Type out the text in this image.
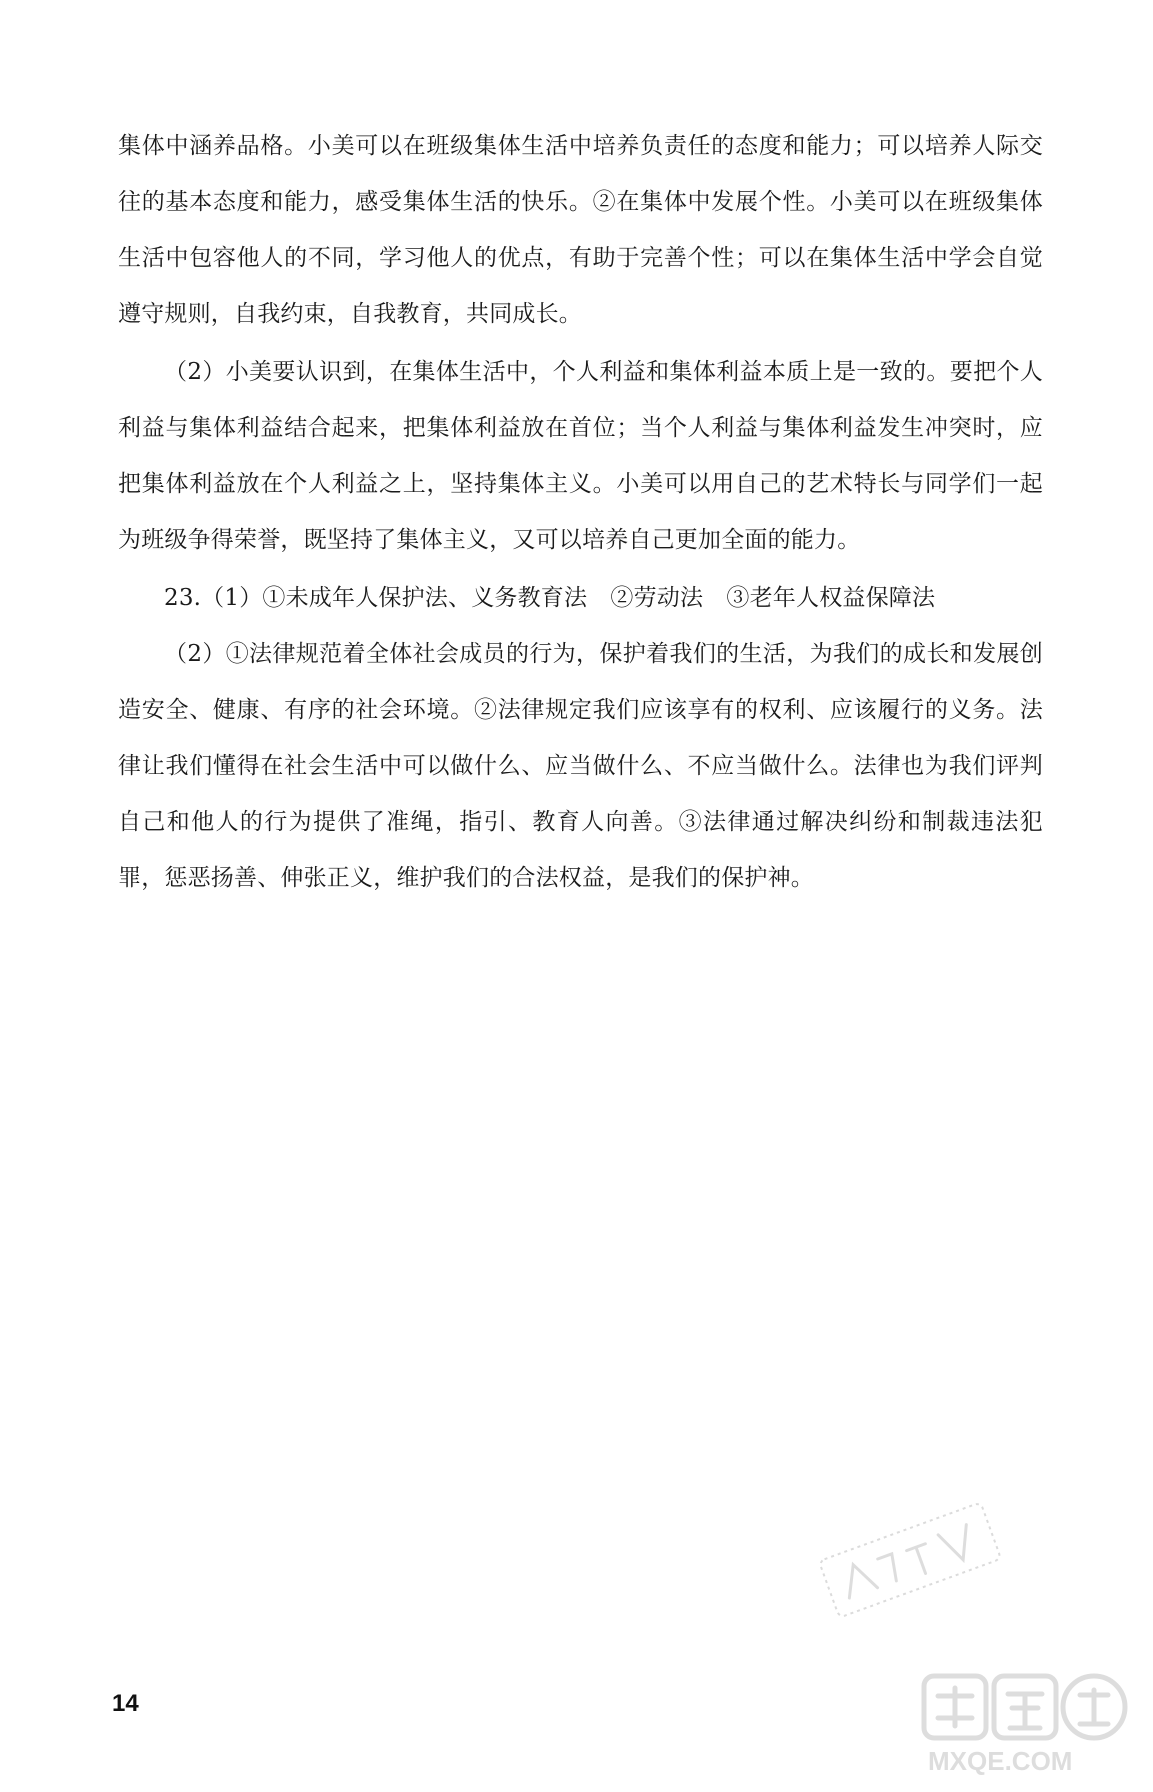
集体中涵养品格。小美可以在班级集体生活中培养负责任的态度和能力；可以培养人际交往的基本态度和能力，感受集体生活的快乐。②在集体中发展个性。小美可以在班级集体生活中包容他人的不同，学习他人的优点，有助于完善个性；可以在集体生活中学会自觉遵守规则，自我约束，自我教育，共同成长。

（2）小美要认识到，在集体生活中，个人利益和集体利益本质上是一致的。要把个人利益与集体利益结合起来，把集体利益放在首位；当个人利益与集体利益发生冲突时，应把集体利益放在个人利益之上，坚持集体主义。小美可以用自己的艺术特长与同学们一起为班级争得荣誉，既坚持了集体主义，又可以培养自己更加全面的能力。

23.（1）①未成年人保护法、义务教育法　②劳动法　③老年人权益保障法

（2）①法律规范着全体社会成员的行为，保护着我们的生活，为我们的成长和发展创造安全、健康、有序的社会环境。②法律规定我们应该享有的权利、应该履行的义务。法律让我们懂得在社会生活中可以做什么、应当做什么、不应当做什么。法律也为我们评判自己和他人的行为提供了准绳，指引、教育人向善。③法律通过解决纠纷和制裁违法犯罪，惩恶扬善、伸张正义，维护我们的合法权益，是我们的保护神。

14
MXQE.COM
